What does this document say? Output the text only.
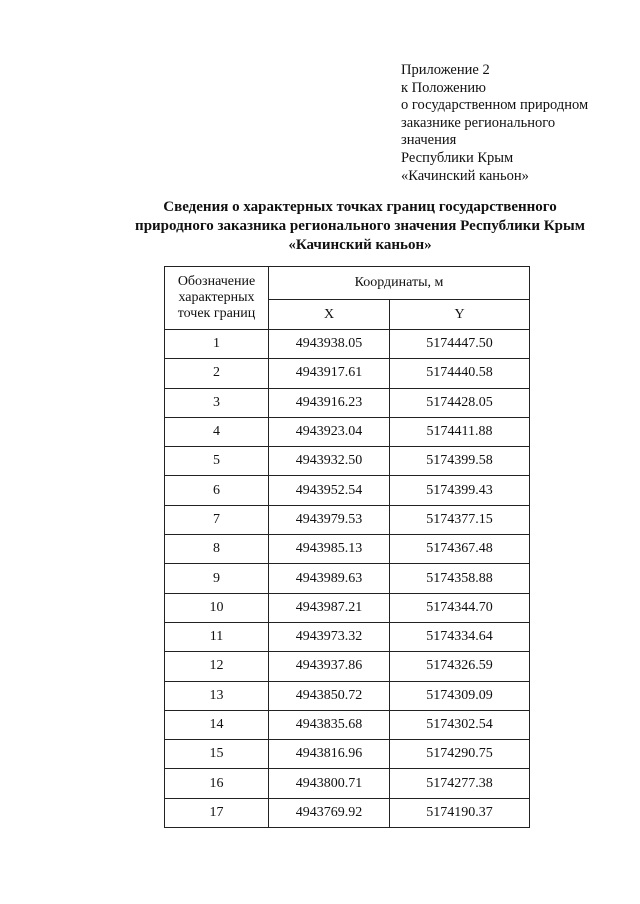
Приложение 2
к Положению
о государственном природном
заказнике регионального
значения
Республики Крым
«Качинский каньон»
Сведения о характерных точках границ государственного
природного заказника регионального значения Республики Крым
«Качинский каньон»
Обозначение
характерных
точек границ	Координаты, м	
	X	Y
1	4943938.05	5174447.50
2	4943917.61	5174440.58
3	4943916.23	5174428.05
4	4943923.04	5174411.88
5	4943932.50	5174399.58
6	4943952.54	5174399.43
7	4943979.53	5174377.15
8	4943985.13	5174367.48
9	4943989.63	5174358.88
10	4943987.21	5174344.70
11	4943973.32	5174334.64
12	4943937.86	5174326.59
13	4943850.72	5174309.09
14	4943835.68	5174302.54
15	4943816.96	5174290.75
16	4943800.71	5174277.38
17	4943769.92	5174190.37
